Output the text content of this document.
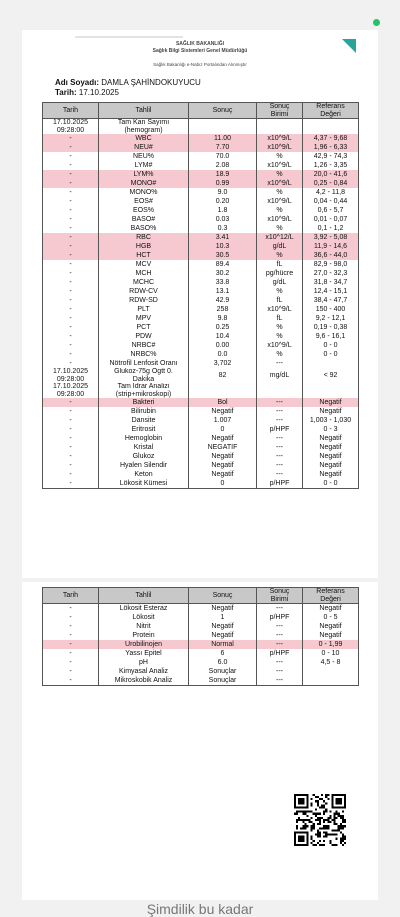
SAĞLIK BAKANLIĞI
Sağlık Bilgi Sistemleri Genel Müdürlüğü
Sağlık Bakanlığı e-Nabız Portalından Alınmıştır
Adı Soyadı: DAMLA ŞAHİNDOKUYUCU
Tarih: 17.10.2025
Tarih	Tahlil	Sonuç	Sonuç
Birimi	Referans
Değeri
17.10.2025
09:28:00	Tam Kan Sayımı
(hemogram)			
-	WBC	11.00	x10^9/L	4,37 - 9,68
-	NEU#	7.70	x10^9/L	1,96 - 6,33
-	NEU%	70.0	%	42,9 - 74,3
-	LYM#	2.08	x10^9/L	1,26 - 3,35
-	LYM%	18.9	%	20,0 - 41,6
-	MONO#	0.99	x10^9/L	0,25 - 0,84
-	MONO%	9.0	%	4,2 - 11,8
-	EOS#	0.20	x10^9/L	0,04 - 0,44
-	EOS%	1.8	%	0,6 - 5,7
-	BASO#	0.03	x10^9/L	0,01 - 0,07
-	BASO%	0.3	%	0,1 - 1,2
-	RBC	3.41	x10^12/L	3,92 - 5,08
-	HGB	10.3	g/dL	11,9 - 14,6
-	HCT	30.5	%	36,6 - 44,0
-	MCV	89.4	fL	82,9 - 98,0
-	MCH	30.2	pg/hücre	27,0 - 32,3
-	MCHC	33.8	g/dL	31,8 - 34,7
-	RDW-CV	13.1	%	12,4 - 15,1
-	RDW-SD	42.9	fL	38,4 - 47,7
-	PLT	258	x10^9/L	150 - 400
-	MPV	9.8	fL	9,2 - 12,1
-	PCT	0.25	%	0,19 - 0,38
-	PDW	10.4	%	9,6 - 16,1
-	NRBC#	0.00	x10^9/L	0 - 0
-	NRBC%	0.0	%	0 - 0
-	Nötrofil Lenfosit Oranı	3,702	---	
17.10.2025
09:28:00	Glukoz-75g Ogtt 0.
Dakika	82	mg/dL	< 92
17.10.2025
09:28:00	Tam İdrar Analizi
(strip+mikroskopi)			
-	Bakteri	Bol	---	Negatif
-	Bilirubin	Negatif	---	Negatif
-	Dansite	1.007	---	1,003 - 1,030
-	Eritrosit	0	p/HPF	0 - 3
-	Hemoglobin	Negatif	---	Negatif
-	Kristal	NEGATİF	---	Negatif
-	Glukoz	Negatif	---	Negatif
-	Hyalen Silendir	Negatif	---	Negatif
-	Keton	Negatif	---	Negatif
-	Lökosit Kümesi	0	p/HPF	0 - 0
Tarih	Tahlil	Sonuç	Sonuç
Birimi	Referans
Değeri
-	Lökosit Esteraz	Negatif	---	Negatif
-	Lökosit	1	p/HPF	0 - 5
-	Nitrit	Negatif	---	Negatif
-	Protein	Negatif	---	Negatif
-	Ürobilinojen	Normal	---	0 - 1,99
-	Yassı Epitel	6	p/HPF	0 - 10
-	pH	6.0	---	4,5 - 8
-	Kimyasal Analiz	Sonuçlar	---	
-	Mikroskobik Analiz	Sonuçlar	---	
Şimdilik bu kadar
